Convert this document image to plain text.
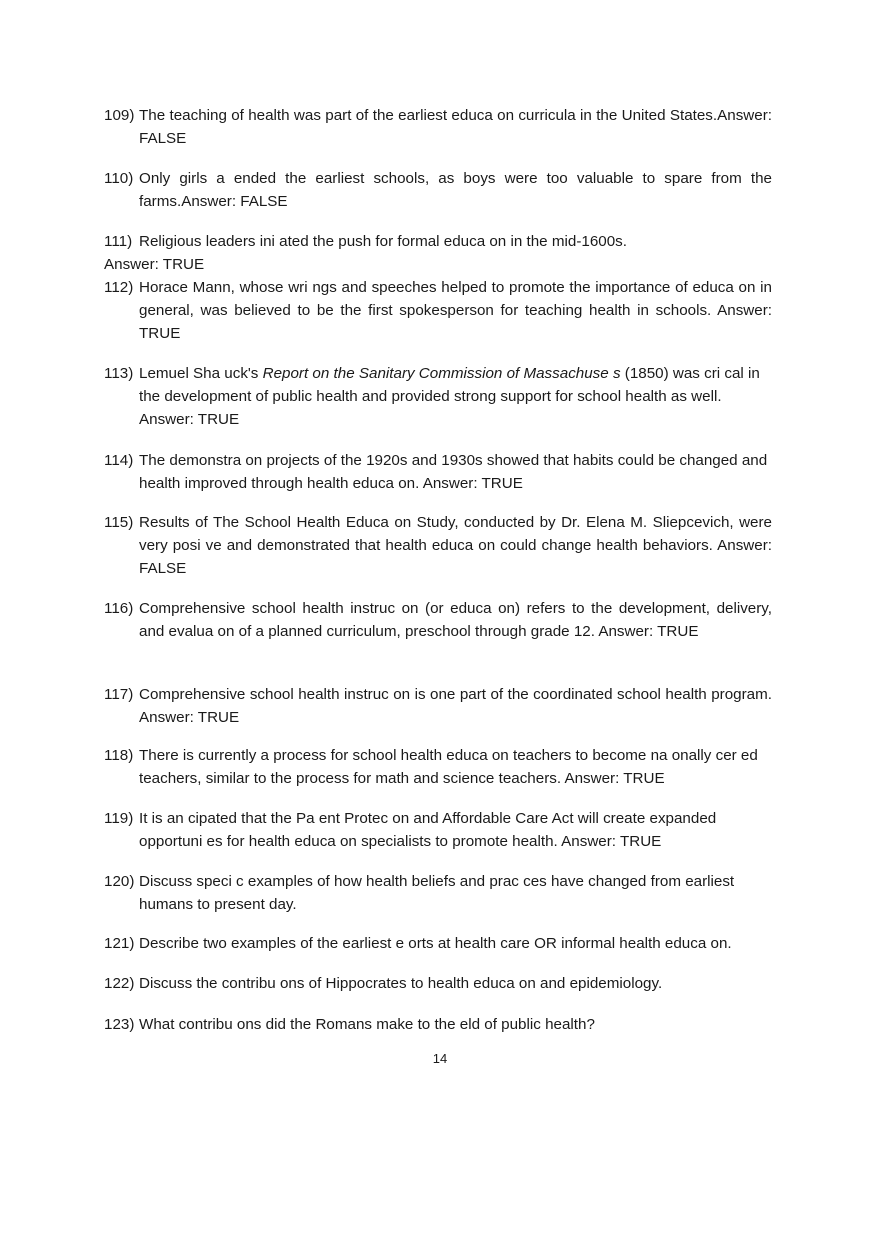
109) The teaching of health was part of the earliest educa on curricula in the United States.Answer: FALSE
110) Only girls a ended the earliest schools, as boys were too valuable to spare from the farms.Answer: FALSE
111) Religious leaders ini ated the push for formal educa on in the mid-1600s.
Answer: TRUE
112) Horace Mann, whose wri ngs and speeches helped to promote the importance of educa on in general, was believed to be the first spokesperson for teaching health in schools. Answer: TRUE
113) Lemuel Sha uck's Report on the Sanitary Commission of Massachuse s (1850) was cri cal in the development of public health and provided strong support for school health as well. Answer: TRUE
114) The demonstra on projects of the 1920s and 1930s showed that habits could be changed and health improved through health educa on. Answer: TRUE
115) Results of The School Health Educa on Study, conducted by Dr. Elena M. Sliepcevich, were very posi ve and demonstrated that health educa on could change health behaviors. Answer: FALSE
116) Comprehensive school health instruc on (or educa on) refers to the development, delivery, and evalua on of a planned curriculum, preschool through grade 12. Answer: TRUE
117) Comprehensive school health instruc on is one part of the coordinated school health program. Answer: TRUE
118) There is currently a process for school health educa on teachers to become na onally cer ed teachers, similar to the process for math and science teachers. Answer: TRUE
119) It is an cipated that the Pa ent Protec on and Affordable Care Act will create expanded opportuni es for health educa on specialists to promote health. Answer: TRUE
120) Discuss speci c examples of how health beliefs and prac ces have changed from earliest humans to present day.
121) Describe two examples of the earliest e orts at health care OR informal health educa on.
122) Discuss the contribu ons of Hippocrates to health educa on and epidemiology.
123) What contribu ons did the Romans make to the eld of public health?
14
